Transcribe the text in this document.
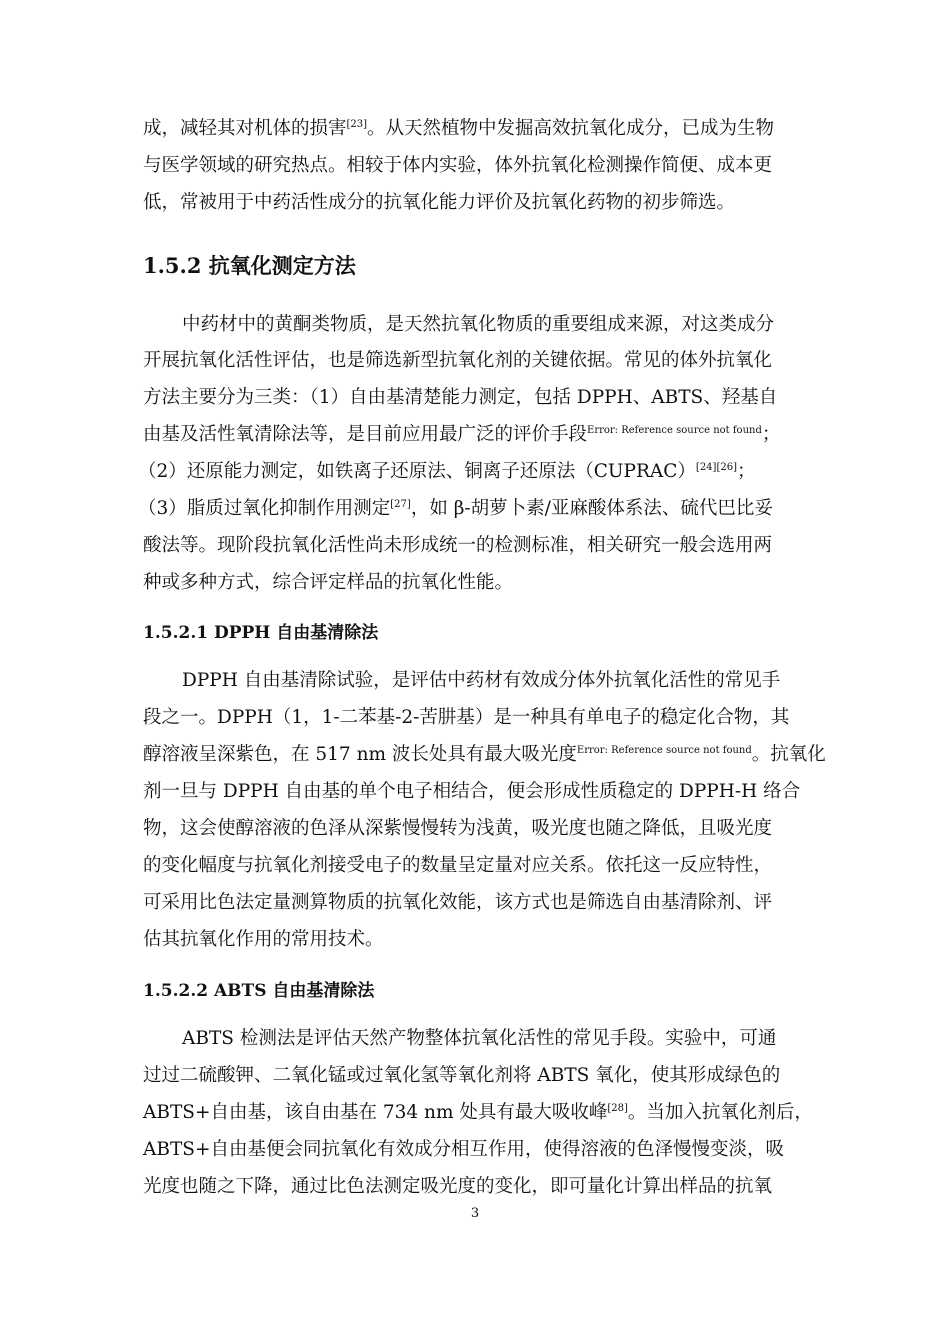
成，减轻其对机体的损害[23]。从天然植物中发掘高效抗氧化成分，已成为生物
与医学领域的研究热点。相较于体内实验，体外抗氧化检测操作简便、成本更
低，常被用于中药活性成分的抗氧化能力评价及抗氧化药物的初步筛选。
1.5.2 抗氧化测定方法
中药材中的黄酮类物质，是天然抗氧化物质的重要组成来源，对这类成分
开展抗氧化活性评估，也是筛选新型抗氧化剂的关键依据。常见的体外抗氧化
方法主要分为三类：（1）自由基清楚能力测定，包括 DPPH、ABTS、羟基自
由基及活性氧清除法等，是目前应用最广泛的评价手段$^{Error: Reference source not found}$；
（2）还原能力测定，如铁离子还原法、铜离子还原法（CUPRAC）[24][26]；
（3）脂质过氧化抑制作用测定[27]，如 β-胡萝卜素/亚麻酸体系法、硫代巴比妥
酸法等。现阶段抗氧化活性尚未形成统一的检测标准，相关研究一般会选用两
种或多种方式，综合评定样品的抗氧化性能。
1.5.2.1 DPPH 自由基清除法
DPPH 自由基清除试验，是评估中药材有效成分体外抗氧化活性的常见手
段之一。DPPH（1，1-二苯基-2-苦肼基）是一种具有单电子的稳定化合物，其
醇溶液呈深紫色，在 517 nm 波长处具有最大吸光度$^{Error: Reference source not found}$。抗氧化
剂一旦与 DPPH 自由基的单个电子相结合，便会形成性质稳定的 DPPH-H 络合
物，这会使醇溶液的色泽从深紫慢慢转为浅黄，吸光度也随之降低，且吸光度
的变化幅度与抗氧化剂接受电子的数量呈定量对应关系。依托这一反应特性，
可采用比色法定量测算物质的抗氧化效能，该方式也是筛选自由基清除剂、评
估其抗氧化作用的常用技术。
1.5.2.2 ABTS 自由基清除法
ABTS 检测法是评估天然产物整体抗氧化活性的常见手段。实验中，可通
过过二硫酸钾、二氧化锰或过氧化氢等氧化剂将 ABTS 氧化，使其形成绿色的
ABTS+自由基，该自由基在 734 nm 处具有最大吸收峰[28]。当加入抗氧化剂后，
ABTS+自由基便会同抗氧化有效成分相互作用，使得溶液的色泽慢慢变淡，吸
光度也随之下降，通过比色法测定吸光度的变化，即可量化计算出样品的抗氧
3
